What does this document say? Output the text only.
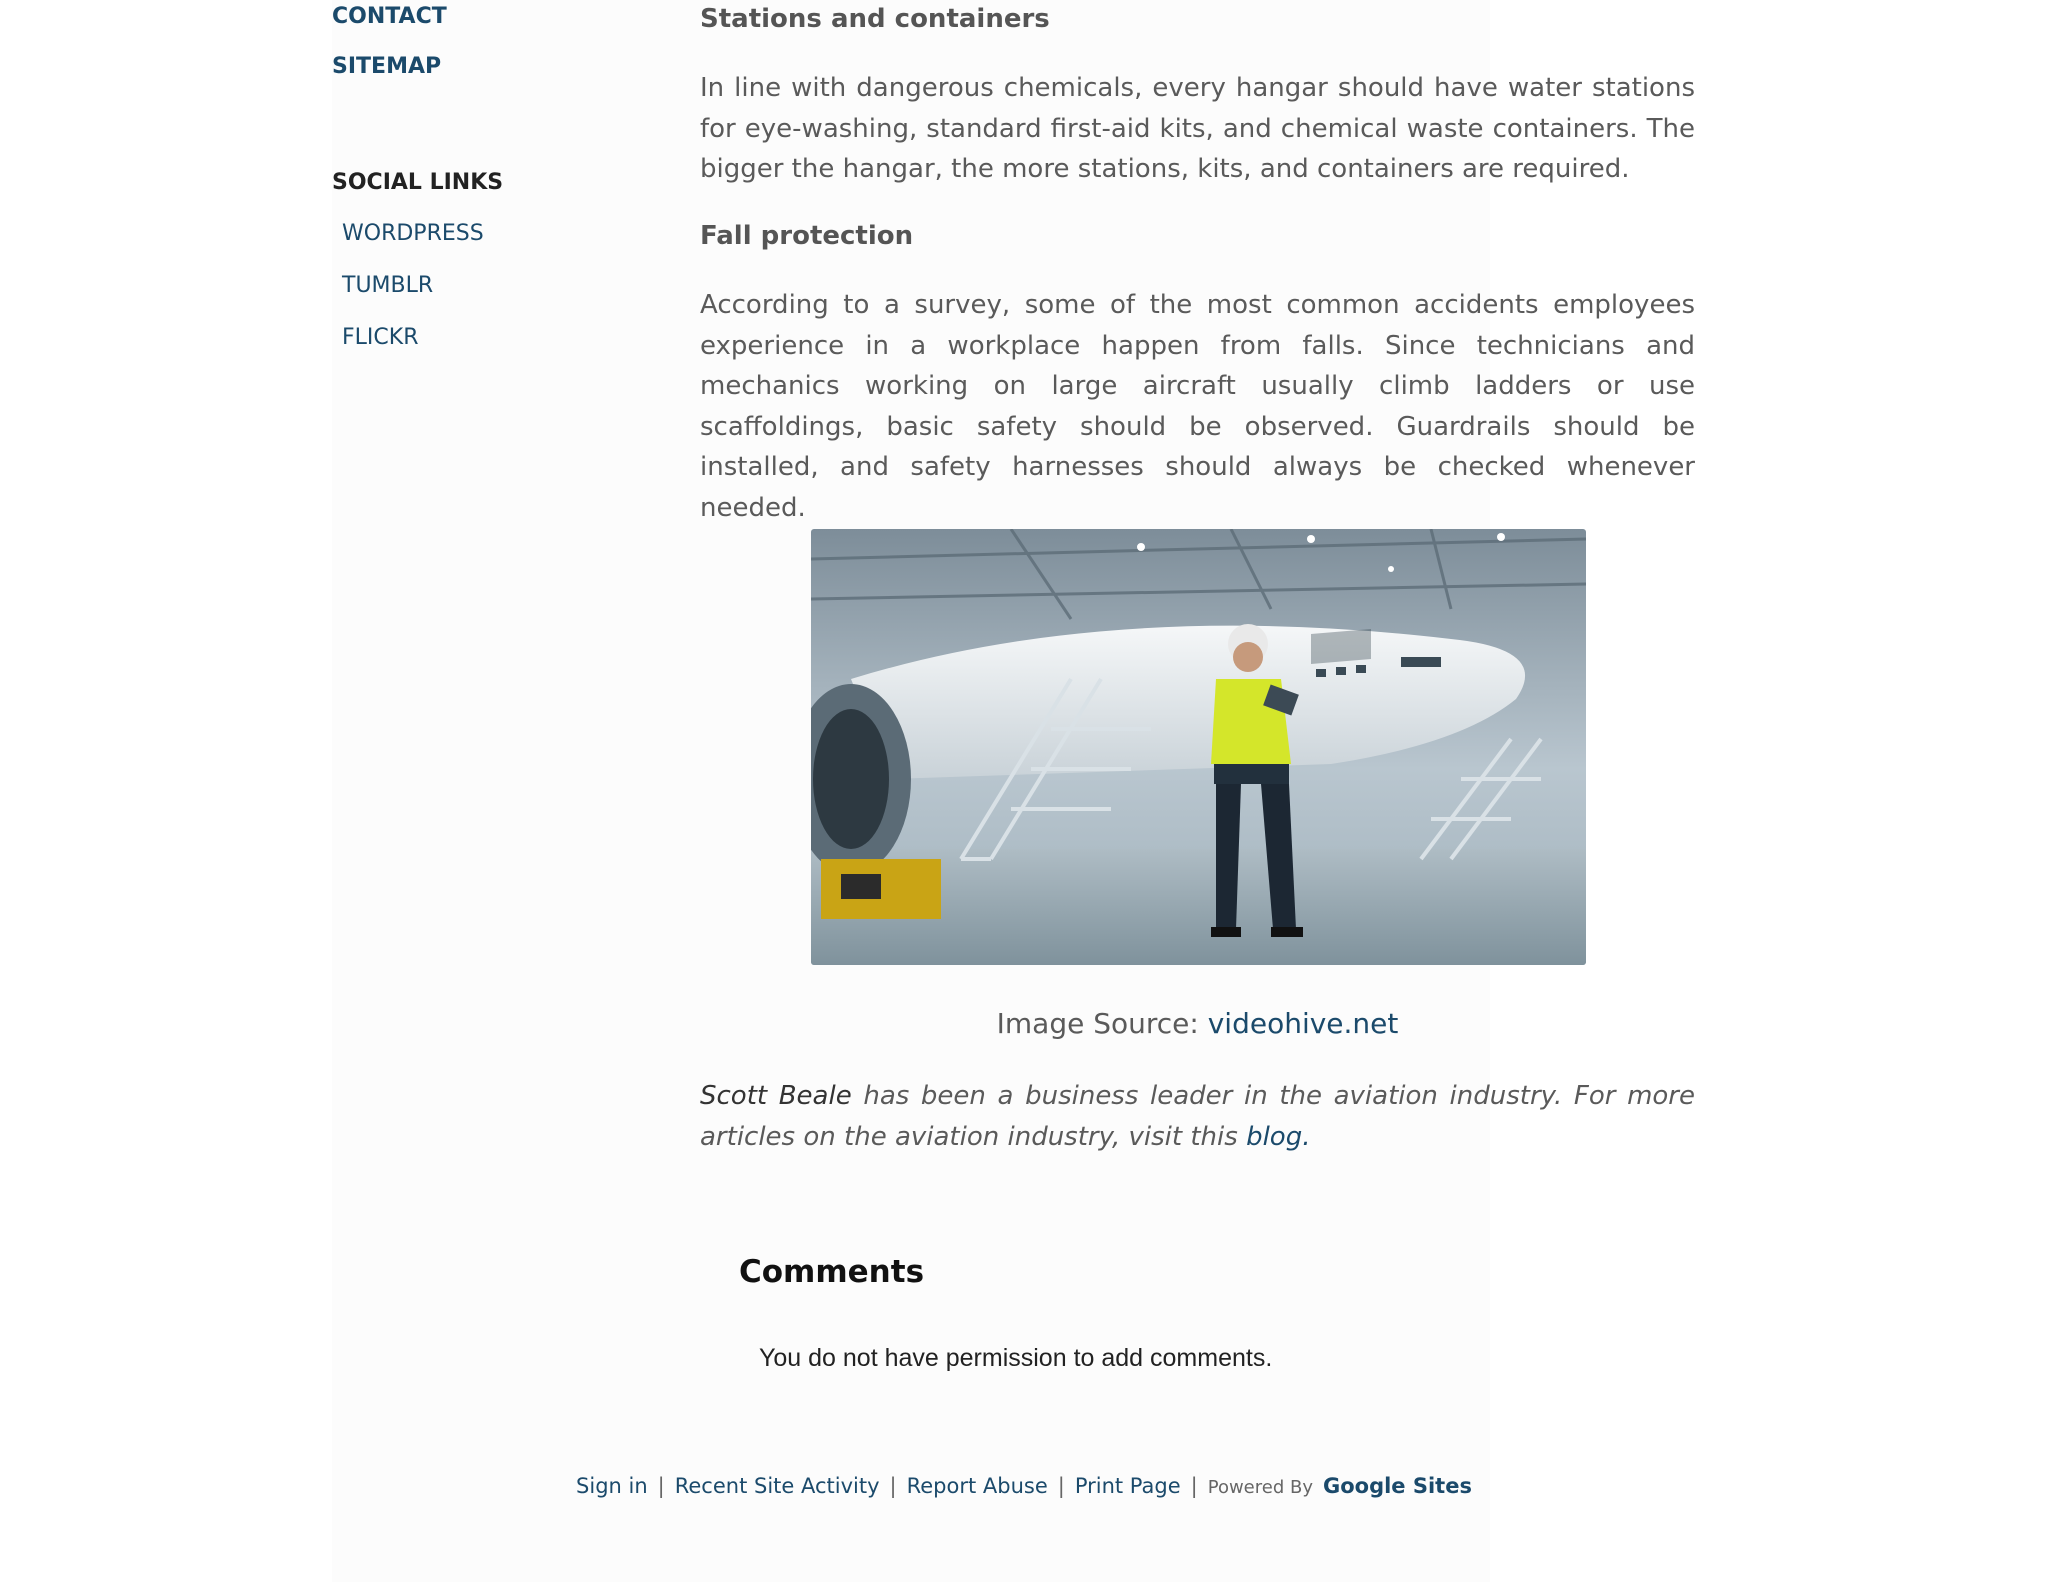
CONTACT
SITEMAP
SOCIAL LINKS
WORDPRESS
TUMBLR
FLICKR
Stations and containers

In line with dangerous chemicals, every hangar should have water stations for eye-washing, standard first-aid kits, and chemical waste containers. The bigger the hangar, the more stations, kits, and containers are required.

Fall protection

According to a survey, some of the most common accidents employees experience in a workplace happen from falls. Since technicians and mechanics working on large aircraft usually climb ladders or use scaffoldings, basic safety should be observed. Guardrails should be installed, and safety harnesses should always be checked whenever needed.

Image Source: videohive.net

Scott Beale has been a business leader in the aviation industry. For more articles on the aviation industry, visit this blog.

Comments
You do not have permission to add comments.
Sign in | Recent Site Activity | Report Abuse | Print Page | Powered By Google Sites
